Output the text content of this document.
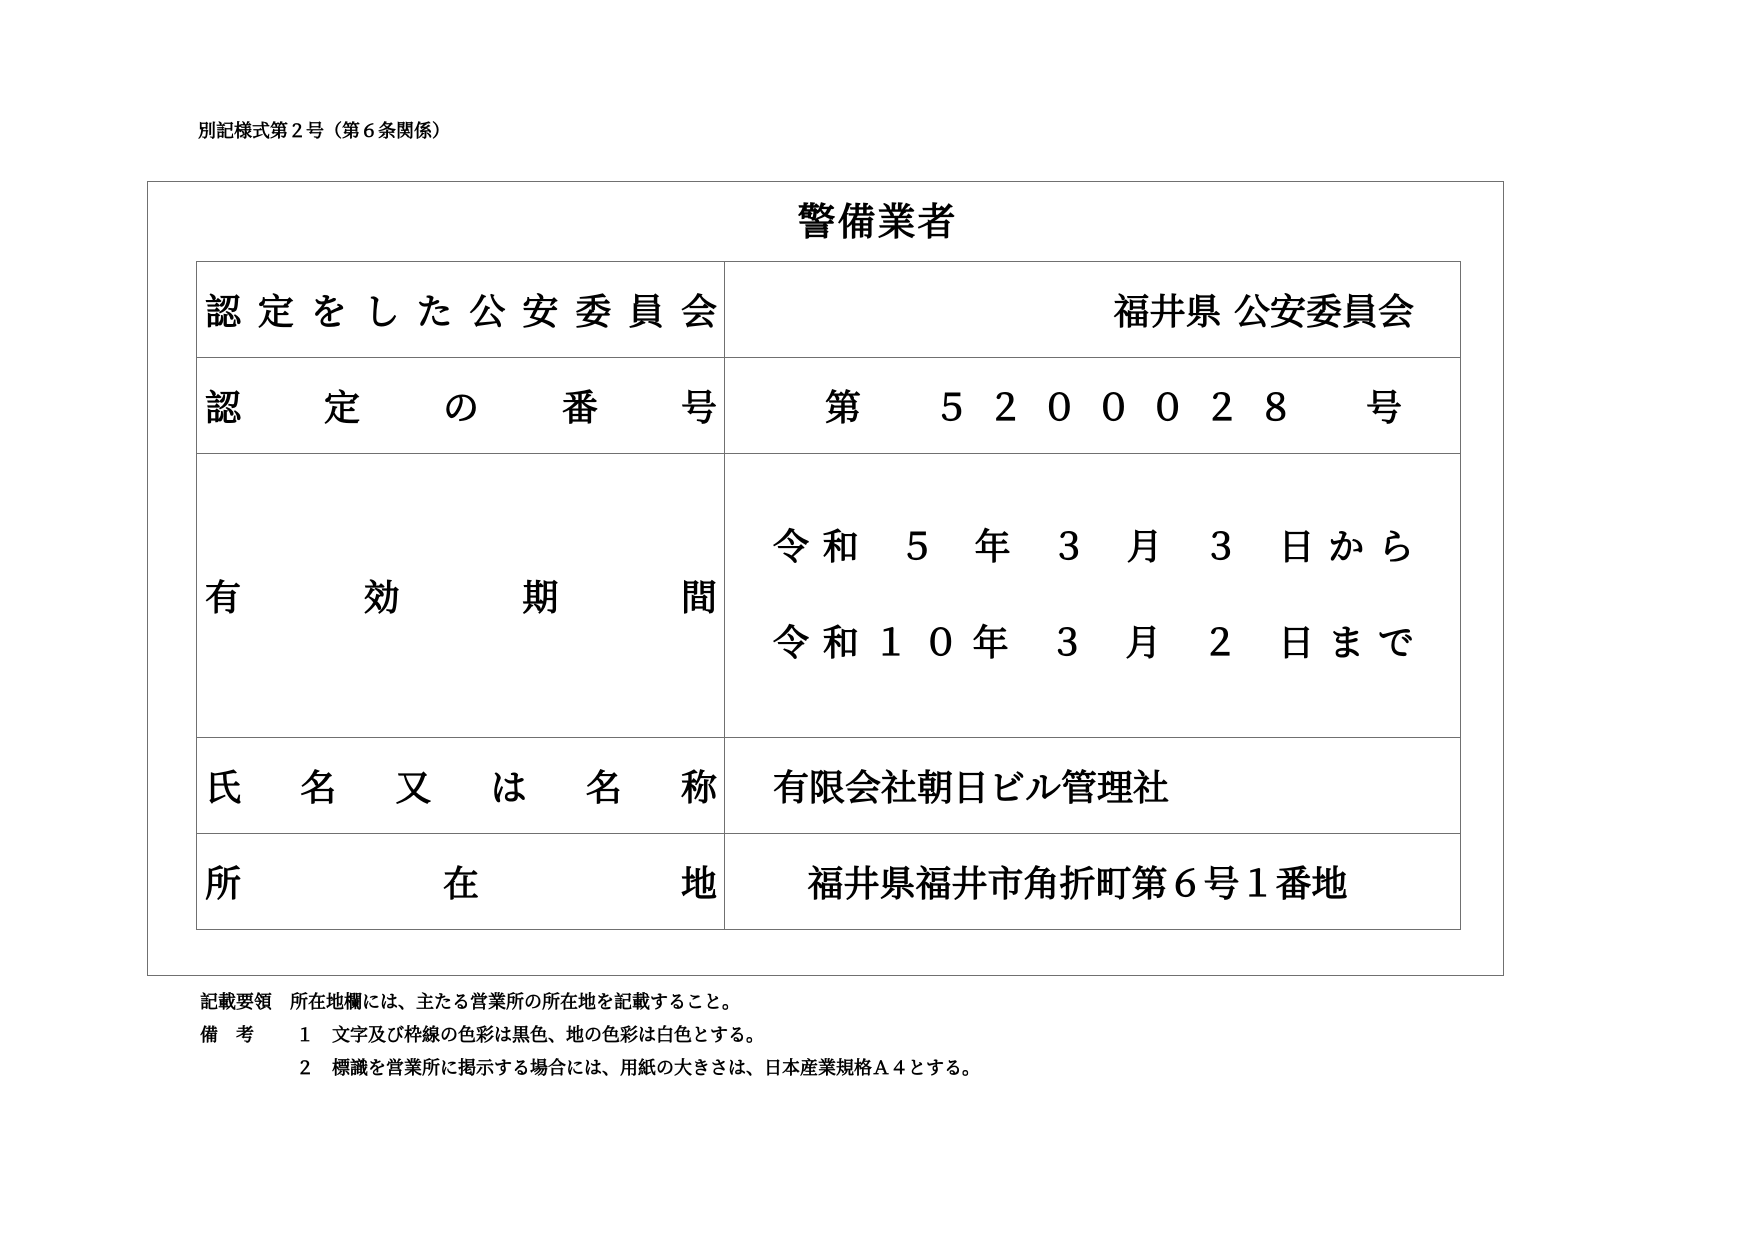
別記様式第２号（第６条関係）
警備業者
認定をした公安委員会	福井県 公安委員会
認定の番号	第　５２０００２８　号
有効期間	令和 ５ 年 ３ 月 ３ 日から
令和１０年 ３ 月 ２ 日まで

氏名又は名称	有限会社朝日ビル管理社
所在地	福井県福井市角折町第６号１番地
記載要領 所在地欄には、主たる営業所の所在地を記載すること。
備　考 １ 文字及び枠線の色彩は黒色、地の色彩は白色とする。
２ 標識を営業所に掲示する場合には、用紙の大きさは、日本産業規格Ａ４とする。
